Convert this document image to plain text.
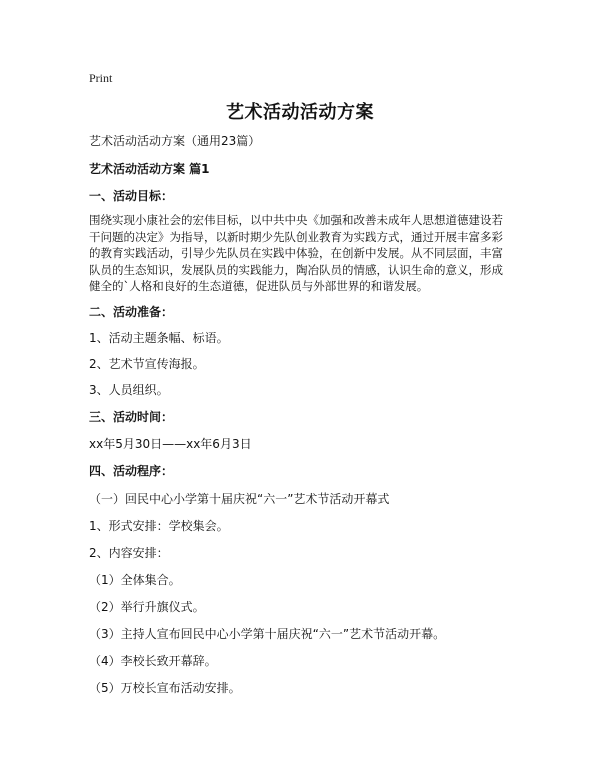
Print
艺术活动活动方案
艺术活动活动方案（通用23篇）
艺术活动活动方案 篇1
一、活动目标：
围绕实现小康社会的宏伟目标，以中共中央《加强和改善未成年人思想道德建设若
干问题的决定》为指导，以新时期少先队创业教育为实践方式，通过开展丰富多彩
的教育实践活动，引导少先队员在实践中体验，在创新中发展。从不同层面，丰富
队员的生态知识，发展队员的实践能力，陶冶队员的情感，认识生命的意义，形成
健全的`人格和良好的生态道德，促进队员与外部世界的和谐发展。
二、活动准备：
1、活动主题条幅、标语。
2、艺术节宣传海报。
3、人员组织。
三、活动时间：
xx年5月30日——xx年6月3日
四、活动程序：
（一）回民中心小学第十届庆祝“六一”艺术节活动开幕式
1、形式安排：学校集会。
2、内容安排：
（1）全体集合。
（2）举行升旗仪式。
（3）主持人宣布回民中心小学第十届庆祝“六一”艺术节活动开幕。
（4）李校长致开幕辞。
（5）万校长宣布活动安排。
